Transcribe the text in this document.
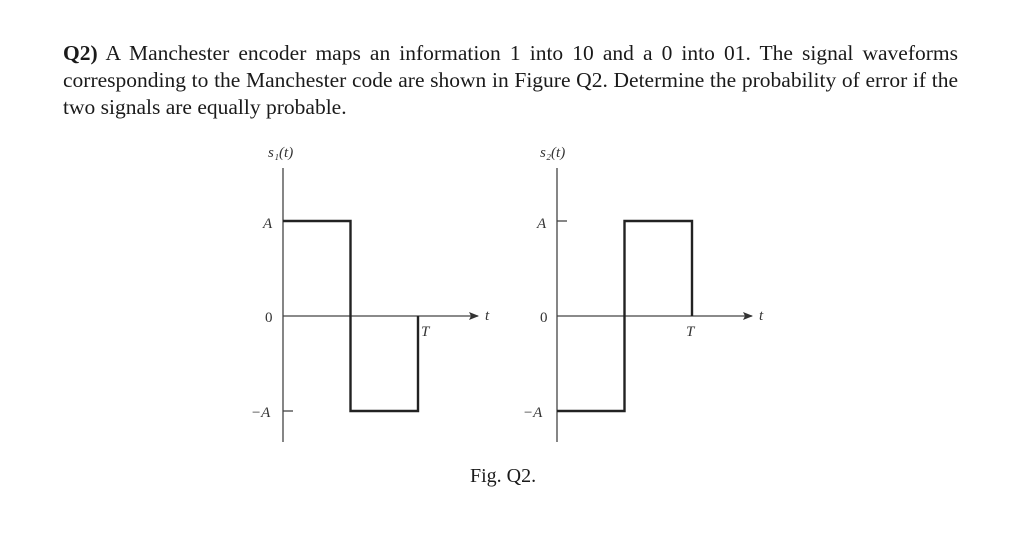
Q2) A Manchester encoder maps an information 1 into 10 and a 0 into 01. The signal waveforms corresponding to the Manchester code are shown in Figure Q2. Determine the probability of error if the two signals are equally probable.
s₁(t)
A
0
−A
T
t
s₂(t)
A
0
−A
T
t
Fig. Q2.
